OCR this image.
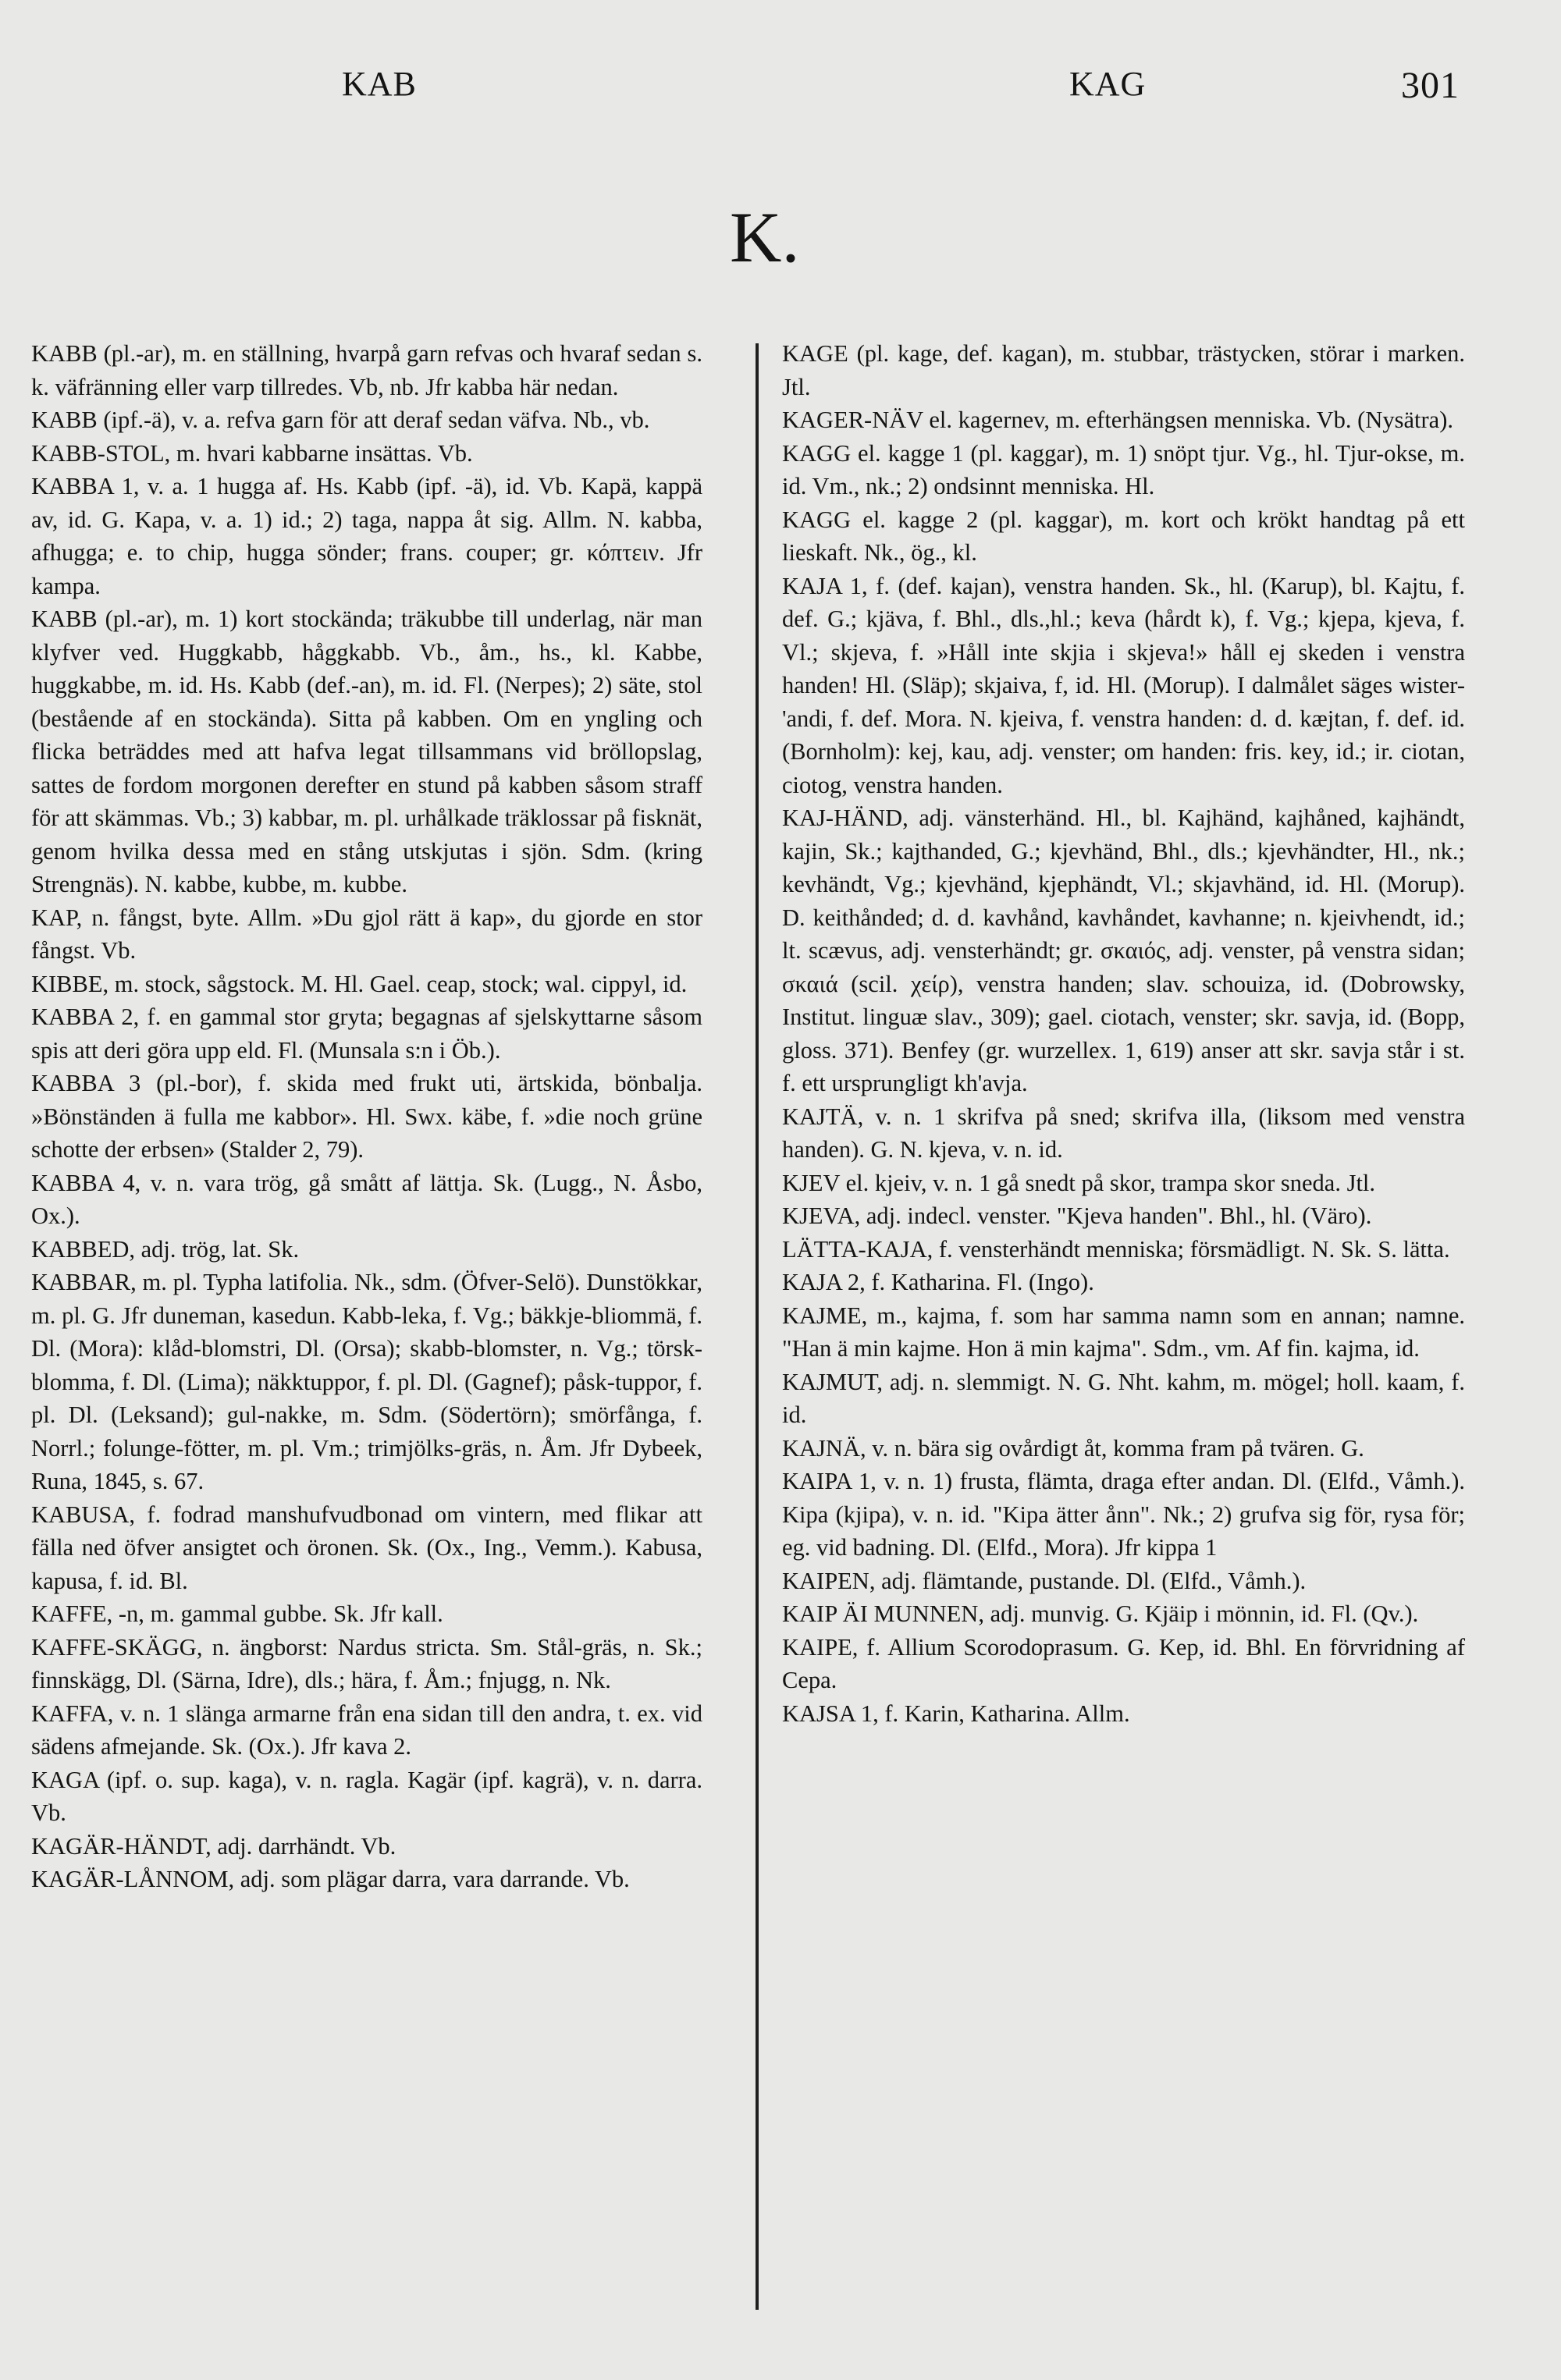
KAB	KAG	301
K.

KABB (pl.-ar), m. en ställning, hvarpå garn refvas och hvaraf sedan s. k. väfränning eller varp tillredes. Vb, nb. Jfr kabba här nedan.

KABB (ipf.-ä), v. a. refva garn för att deraf sedan väfva. Nb., vb.

KABB-STOL, m. hvari kabbarne insättas. Vb.

KABBA 1, v. a. 1 hugga af. Hs. Kabb (ipf. -ä), id. Vb. Kapä, kappä av, id. G. Kapa, v. a. 1) id.; 2) taga, nappa åt sig. Allm. N. kabba, afhugga; e. to chip, hugga sönder; frans. couper; gr. κόπτειν. Jfr kampa.

KABB (pl.-ar), m. 1) kort stockända; träkubbe till underlag, när man klyfver ved. Huggkabb, håggkabb. Vb., åm., hs., kl. Kabbe, huggkabbe, m. id. Hs. Kabb (def.-an), m. id. Fl. (Nerpes); 2) säte, stol (bestående af en stockända). Sitta på kabben. Om en yngling och flicka beträddes med att hafva legat tillsammans vid bröllopslag, sattes de fordom morgonen derefter en stund på kabben såsom straff för att skämmas. Vb.; 3) kabbar, m. pl. urhålkade träklossar på fisknät, genom hvilka dessa med en stång utskjutas i sjön. Sdm. (kring Strengnäs). N. kabbe, kubbe, m. kubbe.

KAP, n. fångst, byte. Allm. »Du gjol rätt ä kap», du gjorde en stor fångst. Vb.

KIBBE, m. stock, sågstock. M. Hl. Gael. ceap, stock; wal. cippyl, id.

KABBA 2, f. en gammal stor gryta; begagnas af sjelskyttarne såsom spis att deri göra upp eld. Fl. (Munsala s:n i Öb.).

KABBA 3 (pl.-bor), f. skida med frukt uti, ärtskida, bönbalja. »Bönständen ä fulla me kabbor». Hl. Swx. käbe, f. »die noch grüne schotte der erbsen» (Stalder 2, 79).

KABBA 4, v. n. vara trög, gå smått af lättja. Sk. (Lugg., N. Åsbo, Ox.).

KABBED, adj. trög, lat. Sk.

KABBAR, m. pl. Typha latifolia. Nk., sdm. (Öfver-Selö). Dunstökkar, m. pl. G. Jfr duneman, kasedun. Kabb-leka, f. Vg.; bäkkje-bliommä, f. Dl. (Mora): klåd-blomstri, Dl. (Orsa); skabb-blomster, n. Vg.; törsk-blomma, f. Dl. (Lima); näkktuppor, f. pl. Dl. (Gagnef); påsk-tuppor, f. pl. Dl. (Leksand); gul-nakke, m. Sdm. (Södertörn); smörfånga, f. Norrl.; folunge-fötter, m. pl. Vm.; trimjölks-gräs, n. Åm. Jfr Dybeek, Runa, 1845, s. 67.

KABUSA, f. fodrad manshufvudbonad om vintern, med flikar att fälla ned öfver ansigtet och öronen. Sk. (Ox., Ing., Vemm.). Kabusa, kapusa, f. id. Bl.

KAFFE, -n, m. gammal gubbe. Sk. Jfr kall.

KAFFE-SKÄGG, n. ängborst: Nardus stricta. Sm. Stål-gräs, n. Sk.; finnskägg, Dl. (Särna, Idre), dls.; hära, f. Åm.; fnjugg, n. Nk.

KAFFA, v. n. 1 slänga armarne från ena sidan till den andra, t. ex. vid sädens afmejande. Sk. (Ox.). Jfr kava 2.

KAGA (ipf. o. sup. kaga), v. n. ragla. Kagär (ipf. kagrä), v. n. darra. Vb.

KAGÄR-HÄNDT, adj. darrhändt. Vb.

KAGÄR-LÅNNOM, adj. som plägar darra, vara darrande. Vb.

KAGE (pl. kage, def. kagan), m. stubbar, trästycken, störar i marken. Jtl.

KAGER-NÄV el. kagernev, m. efterhängsen menniska. Vb. (Nysätra).

KAGG el. kagge 1 (pl. kaggar), m. 1) snöpt tjur. Vg., hl. Tjur-okse, m. id. Vm., nk.; 2) ondsinnt menniska. Hl.

KAGG el. kagge 2 (pl. kaggar), m. kort och krökt handtag på ett lieskaft. Nk., ög., kl.

KAJA 1, f. (def. kajan), venstra handen. Sk., hl. (Karup), bl. Kajtu, f. def. G.; kjäva, f. Bhl., dls.,hl.; keva (hårdt k), f. Vg.; kjepa, kjeva, f. Vl.; skjeva, f. »Håll inte skjia i skjeva!» håll ej skeden i venstra handen! Hl. (Släp); skjaiva, f, id. Hl. (Morup). I dalmålet säges wister-'andi, f. def. Mora. N. kjeiva, f. venstra handen: d. d. kæjtan, f. def. id. (Bornholm): kej, kau, adj. venster; om handen: fris. key, id.; ir. ciotan, ciotog, venstra handen.

KAJ-HÄND, adj. vänsterhänd. Hl., bl. Kajhänd, kajhåned, kajhändt, kajin, Sk.; kajthanded, G.; kjevhänd, Bhl., dls.; kjevhändter, Hl., nk.; kevhändt, Vg.; kjevhänd, kjephändt, Vl.; skjavhänd, id. Hl. (Morup). D. keithånded; d. d. kavhånd, kavhåndet, kavhanne; n. kjeivhendt, id.; lt. scævus, adj. vensterhändt; gr. σκαιός, adj. venster, på venstra sidan; σκαιά (scil. χείρ), venstra handen; slav. schouiza, id. (Dobrowsky, Institut. linguæ slav., 309); gael. ciotach, venster; skr. savja, id. (Bopp, gloss. 371). Benfey (gr. wurzellex. 1, 619) anser att skr. savja står i st. f. ett ursprungligt kh'avja.

KAJTÄ, v. n. 1 skrifva på sned; skrifva illa, (liksom med venstra handen). G. N. kjeva, v. n. id.

KJEV el. kjeiv, v. n. 1 gå snedt på skor, trampa skor sneda. Jtl.

KJEVA, adj. indecl. venster. "Kjeva handen". Bhl., hl. (Väro).

LÄTTA-KAJA, f. vensterhändt menniska; försmädligt. N. Sk. S. lätta.

KAJA 2, f. Katharina. Fl. (Ingo).

KAJME, m., kajma, f. som har samma namn som en annan; namne. "Han ä min kajme. Hon ä min kajma". Sdm., vm. Af fin. kajma, id.

KAJMUT, adj. n. slemmigt. N. G. Nht. kahm, m. mögel; holl. kaam, f. id.

KAJNÄ, v. n. bära sig ovårdigt åt, komma fram på tvären. G.

KAIPA 1, v. n. 1) frusta, flämta, draga efter andan. Dl. (Elfd., Våmh.). Kipa (kjipa), v. n. id. "Kipa ätter ånn". Nk.; 2) grufva sig för, rysa för; eg. vid badning. Dl. (Elfd., Mora). Jfr kippa 1

KAIPEN, adj. flämtande, pustande. Dl. (Elfd., Våmh.).

KAIP ÄI MUNNEN, adj. munvig. G. Kjäip i mönnin, id. Fl. (Qv.).

KAIPE, f. Allium Scorodoprasum. G. Kep, id. Bhl. En förvridning af Cepa.

KAJSA 1, f. Karin, Katharina. Allm.
